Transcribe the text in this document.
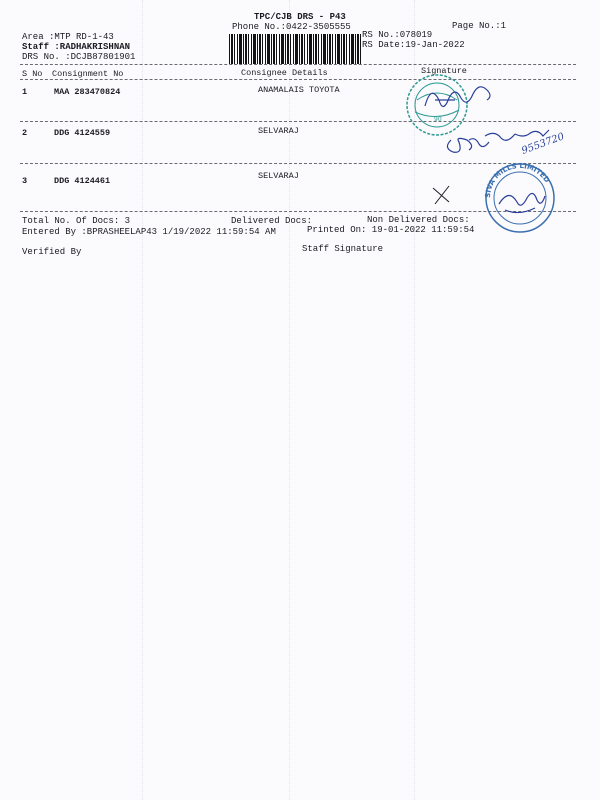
TPC/CJB DRS - P43
Phone No.:0422-3505555	Page No.:1
Area :MTP RD-1-43
Staff :RADHAKRISHNAN
DRS No. :DCJB87801901
RS No.:078019
RS Date:19-Jan-2022
S No Consignment No	Consignee Details	Signature
1	MAA 283470824	ANAMALAIS TOYOTA
2	DDG 4124559	SELVARAJ
3	DDG 4124461	SELVARAJ
90
9553720
SIVA MILLS LIMITED
Total No. Of Docs: 3	Delivered Docs:	Non Delivered Docs:
Entered By :BPRASHEELAP43 1/19/2022 11:59:54 AM	Printed On: 19-01-2022 11:59:54
Verified By	Staff Signature
